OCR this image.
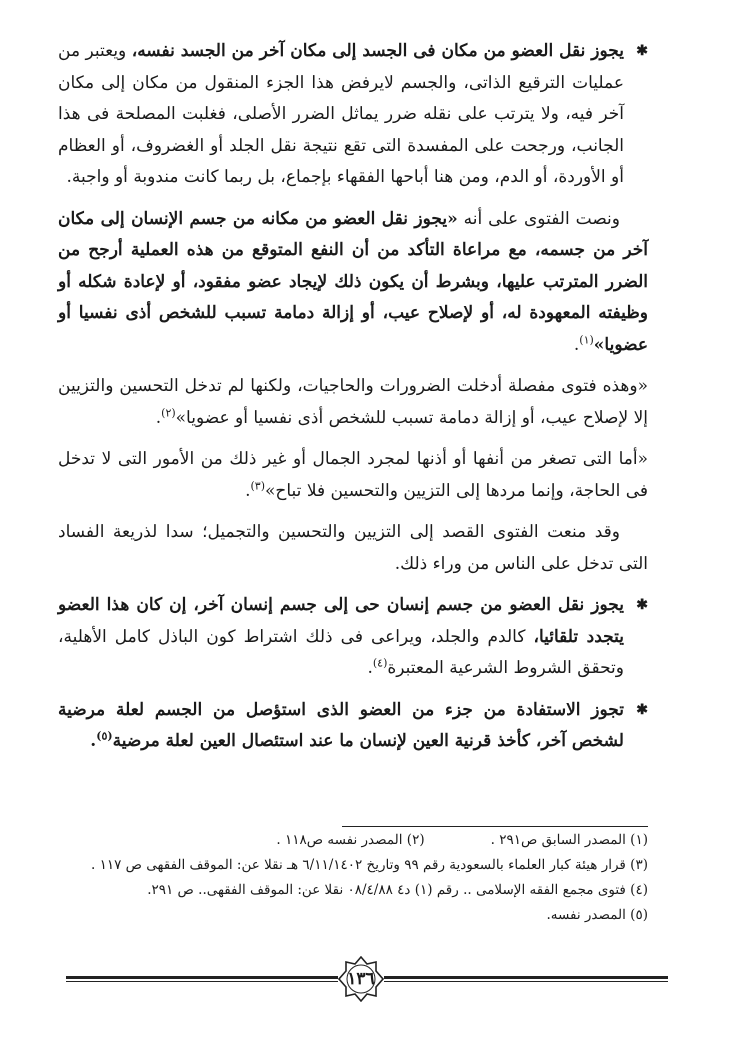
✱
يجوز نقل العضو من مكان فى الجسد إلى مكان آخر من الجسد نفسه، ويعتبر من عمليات الترقيع الذاتى، والجسم لايرفض هذا الجزء المنقول من مكان إلى مكان آخر فيه، ولا يترتب على نقله ضرر يماثل الضرر الأصلى، فغلبت المصلحة فى هذا الجانب، ورجحت على المفسدة التى تقع نتيجة نقل الجلد أو الغضروف، أو العظام أو الأوردة، أو الدم، ومن هنا أباحها الفقهاء بإجماع، بل ربما كانت مندوبة أو واجبة.

ونصت الفتوى على أنه «يجوز نقل العضو من مكانه من جسم الإنسان إلى مكان آخر من جسمه، مع مراعاة التأكد من أن النفع المتوقع من هذه العملية أرجح من الضرر المترتب عليها، وبشرط أن يكون ذلك لإيجاد عضو مفقود، أو لإعادة شكله أو وظيفته المعهودة له، أو لإصلاح عيب، أو إزالة دمامة تسبب للشخص أذى نفسيا أو عضويا»$^{(١)}$.

«وهذه فتوى مفصلة أدخلت الضرورات والحاجيات، ولكنها لم تدخل التحسين والتزيين إلا لإصلاح عيب، أو إزالة دمامة تسبب للشخص أذى نفسيا أو عضويا»$^{(٢)}$.

«أما التى تصغر من أنفها أو أذنها لمجرد الجمال أو غير ذلك من الأمور التى لا تدخل فى الحاجة، وإنما مردها إلى التزيين والتحسين فلا تباح»$^{(٣)}$.

وقد منعت الفتوى القصد إلى التزيين والتحسين والتجميل؛ سدا لذريعة الفساد التى تدخل على الناس من وراء ذلك.

✱
يجوز نقل العضو من جسم إنسان حى إلى جسم إنسان آخر، إن كان هذا العضو يتجدد تلقائيا، كالدم والجلد، ويراعى فى ذلك اشتراط كون الباذل كامل الأهلية، وتحقق الشروط الشرعية المعتبرة$^{(٤)}$.

✱
تجوز الاستفادة من جزء من العضو الذى استؤصل من الجسم لعلة مرضية لشخص آخر، كأخذ قرنية العين لإنسان ما عند استئصال العين لعلة مرضية$^{(٥)}$.

(١) المصدر السابق ص٢٩١ .
(٢) المصدر نفسه ص١١٨ .

(٣) قرار هيئة كبار العلماء بالسعودية رقم ٩٩ وتاريخ ٦/١١/١٤٠٢ هـ نقلا عن: الموقف الفقهى ص ١١٧ .

(٤) فتوى مجمع الفقه الإسلامى .. رقم (١) د٤ ٠٨/٤/٨٨ نقلا عن: الموقف الفقهى.. ص ٢٩١.

(٥) المصدر نفسه.

١٣٦
